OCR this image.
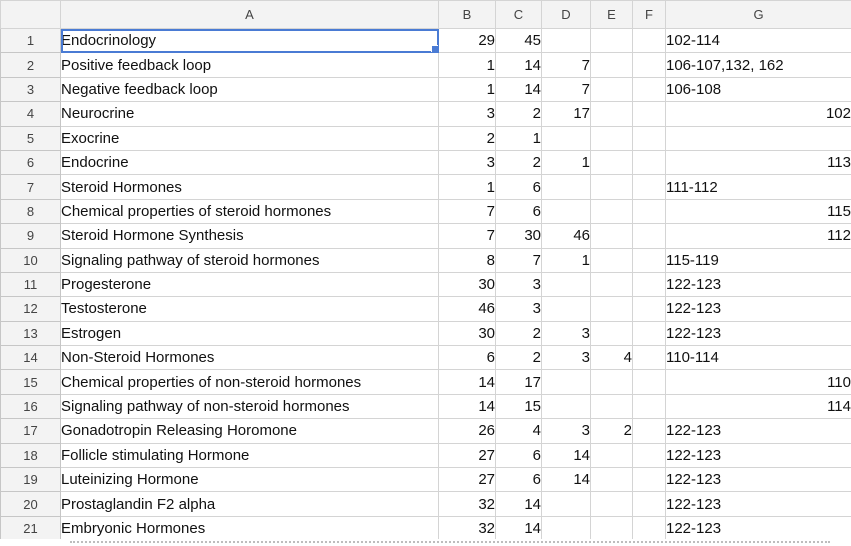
	A	B	C	D	E	F	G
1	Endocrinology	29	45				102-114
2	Positive feedback loop	1	14	7			106-107,132, 162
3	Negative feedback loop	1	14	7			106-108
4	Neurocrine	3	2	17			102
5	Exocrine	2	1				
6	Endocrine	3	2	1			113
7	Steroid Hormones	1	6				111-112
8	Chemical properties of steroid hormones	7	6				115
9	Steroid Hormone Synthesis	7	30	46			112
10	Signaling pathway of steroid hormones	8	7	1			115-119
11	Progesterone	30	3				122-123
12	Testosterone	46	3				122-123
13	Estrogen	30	2	3			122-123
14	Non-Steroid Hormones	6	2	3	4		110-114
15	Chemical properties of non-steroid hormones	14	17				110
16	Signaling pathway of non-steroid hormones	14	15				114
17	Gonadotropin Releasing Horomone	26	4	3	2		122-123
18	Follicle stimulating Hormone	27	6	14			122-123
19	Luteinizing Hormone	27	6	14			122-123
20	Prostaglandin F2 alpha	32	14				122-123
21	Embryonic Hormones	32	14				122-123
